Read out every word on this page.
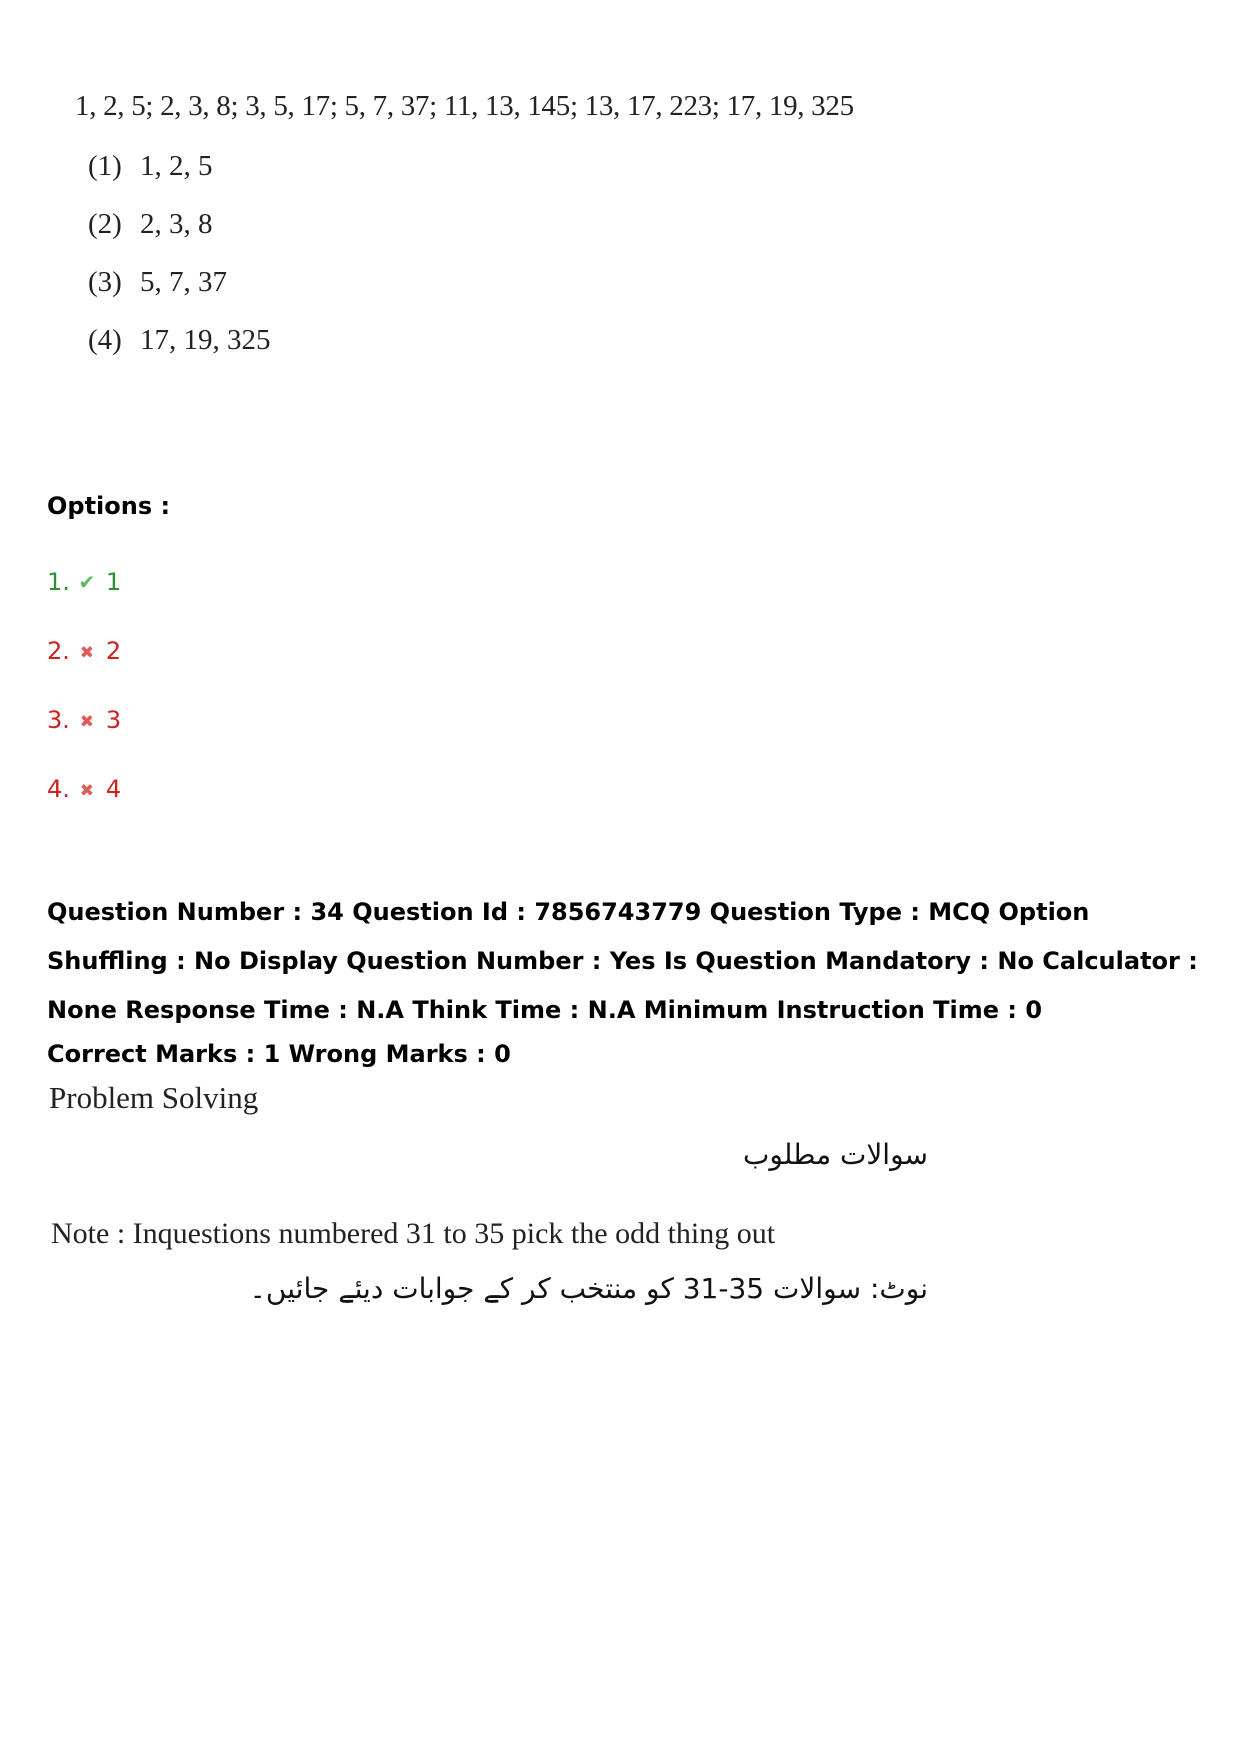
1, 2, 5; 2, 3, 8; 3, 5, 17; 5, 7, 37; 11, 13, 145; 13, 17, 223; 17, 19, 325
(1) 1, 2, 5
(2) 2, 3, 8
(3) 5, 7, 37
(4) 17, 19, 325
Options :
1. ✔ 1
2. ✖ 2
3. ✖ 3
4. ✖ 4
Question Number : 34 Question Id : 7856743779 Question Type : MCQ Option Shuffling : No Display Question Number : Yes Is Question Mandatory : No Calculator : None Response Time : N.A Think Time : N.A Minimum Instruction Time : 0
Correct Marks : 1 Wrong Marks : 0
Problem Solving
سوالات مطلوب
Note : Inquestions numbered 31 to 35 pick the odd thing out
نوٹ: سوالات 35-31 کو منتخب کر کے جوابات دیئے جائیں۔
